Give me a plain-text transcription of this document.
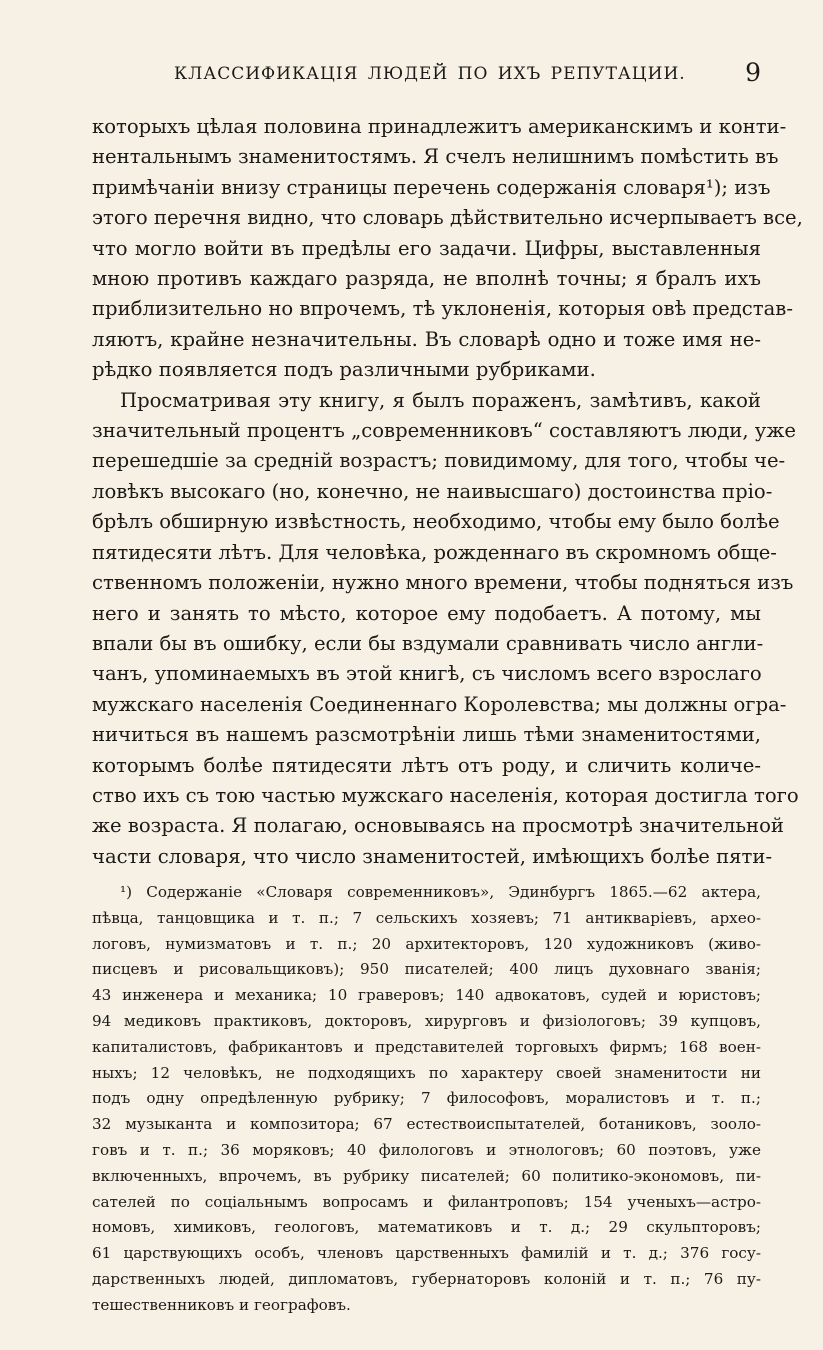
КЛАССИФИКАЦІЯ ЛЮДЕЙ ПО ИХЪ РЕПУТАЦИИ. 9

которыхъ цѣлая половина принадлежитъ американскимъ и конти-
нентальнымъ знаменитостямъ. Я счелъ нелишнимъ помѣстить въ
примѣчаніи внизу страницы перечень содержанія словаря¹); изъ
этого перечня видно, что словарь дѣйствительно исчерпываетъ все,
что могло войти въ предѣлы его задачи. Цифры, выставленныя
мною противъ каждаго разряда, не вполнѣ точны; я бралъ ихъ
приблизительно но впрочемъ, тѣ уклоненія, которыя овѣ представ-
ляютъ, крайне незначительны. Въ словарѣ одно и тоже имя не-
рѣдко появляется подъ различными рубриками.

Просматривая эту книгу, я былъ пораженъ, замѣтивъ, какой
значительный процентъ „современниковъ“ составляютъ люди, уже
перешедшіе за среднiй возрастъ; повидимому, для того, чтобы че-
ловѣкъ высокаго (но, конечно, не наивысшаго) достоинства пріо-
брѣлъ обширную извѣстность, необходимо, чтобы ему было болѣе
пятидесяти лѣтъ. Для человѣка, рожденнаго въ скромномъ обще-
ственномъ положеніи, нужно много времени, чтобы подняться изъ
него и занять то мѣсто, которое ему подобаетъ. А потому, мы
впали бы въ ошибку, если бы вздумали сравнивать число англи-
чанъ, упоминаемыхъ въ этой книгѣ, съ числомъ всего взрослаго
мужскаго населенія Соединеннаго Королевства; мы должны огра-
ничиться въ нашемъ разсмотрѣніи лишь тѣми знаменитостями,
которымъ болѣе пятидесяти лѣтъ отъ роду, и сличить количе-
ство ихъ съ тою частью мужскаго населенія, которая достигла того
же возраста. Я полагаю, основываясь на просмотрѣ значительной
части словаря, что число знаменитостей, имѣющихъ болѣе пяти-

¹) Содержаніе «Словаря современниковъ», Эдинбургъ 1865.—62 актера,
пѣвца, танцовщика и т. п.; 7 сельскихъ хозяевъ; 71 антикваріевъ, археo-
логовъ, нумизматовъ и т. п.; 20 архитекторовъ, 120 художниковъ (живо-
писцевъ и рисовальщиковъ); 950 писателей; 400 лицъ духовнаго званія;
43 инженера и механика; 10 граверовъ; 140 адвокатовъ, судей и юристовъ;
94 медиковъ практиковъ, докторовъ, хирурговъ и физіологовъ; 39 купцовъ,
капиталистовъ, фабрикантовъ и представителей торговыхъ фирмъ; 168 воен-
ныхъ; 12 человѣкъ, не подходящихъ по характеру своей знаменитости ни
подъ одну опредѣленную рубрику; 7 философовъ, моралистовъ и т. п.;
32 музыканта и композитора; 67 естествоиспытателей, ботаниковъ, зооло-
говъ и т. п.; 36 моряковъ; 40 филологовъ и этнологовъ; 60 поэтовъ, уже
включенныхъ, впрочемъ, въ рубрику писателей; 60 политико-экономовъ, пи-
сателей по соціальнымъ вопросамъ и филантроповъ; 154 ученыхъ—астро-
номовъ, химиковъ, геологовъ, математиковъ и т. д.; 29 скульпторовъ;
61 царствующихъ особъ, членовъ царственныхъ фамилій и т. д.; 376 госу-
дарственныхъ людей, дипломатовъ, губернаторовъ колоній и т. п.; 76 пу-
тешественниковъ и географовъ.
